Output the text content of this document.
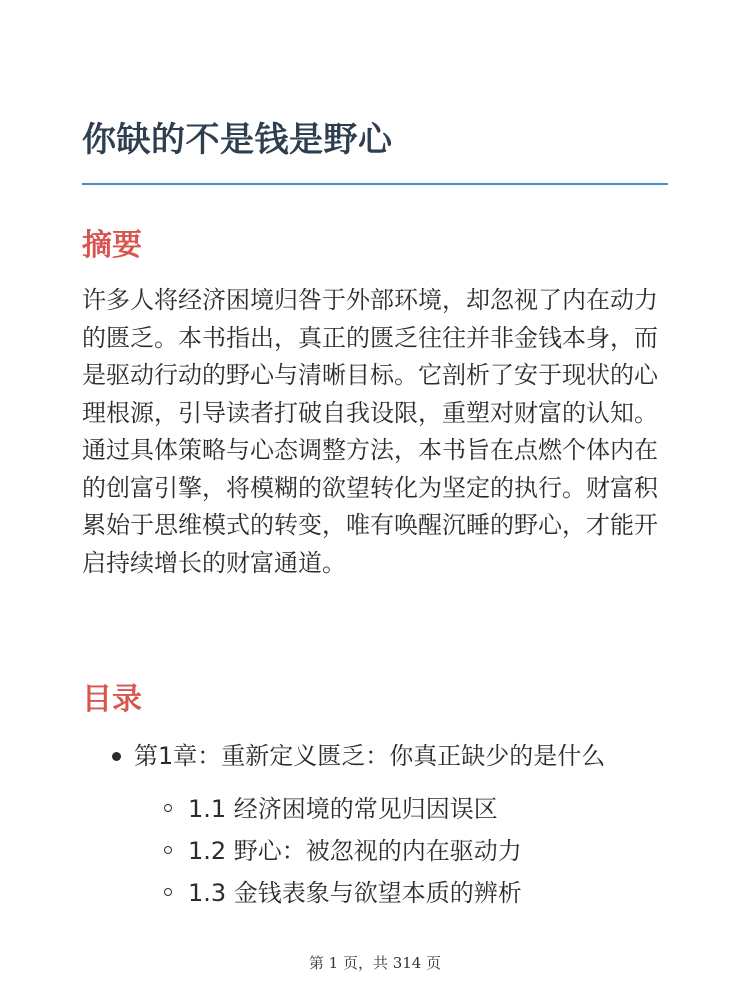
你缺的不是钱是野心
摘要

许多人将经济困境归咎于外部环境，却忽视了内在动力的匮乏。本书指出，真正的匮乏往往并非金钱本身，而是驱动行动的野心与清晰目标。它剖析了安于现状的心理根源，引导读者打破自我设限，重塑对财富的认知。通过具体策略与心态调整方法，本书旨在点燃个体内在的创富引擎，将模糊的欲望转化为坚定的执行。财富积累始于思维模式的转变，唯有唤醒沉睡的野心，才能开启持续增长的财富通道。

目录
第1章：重新定义匮乏：你真正缺少的是什么
1.1 经济困境的常见归因误区
1.2 野心：被忽视的内在驱动力
1.3 金钱表象与欲望本质的辨析
第 1 页，共 314 页
